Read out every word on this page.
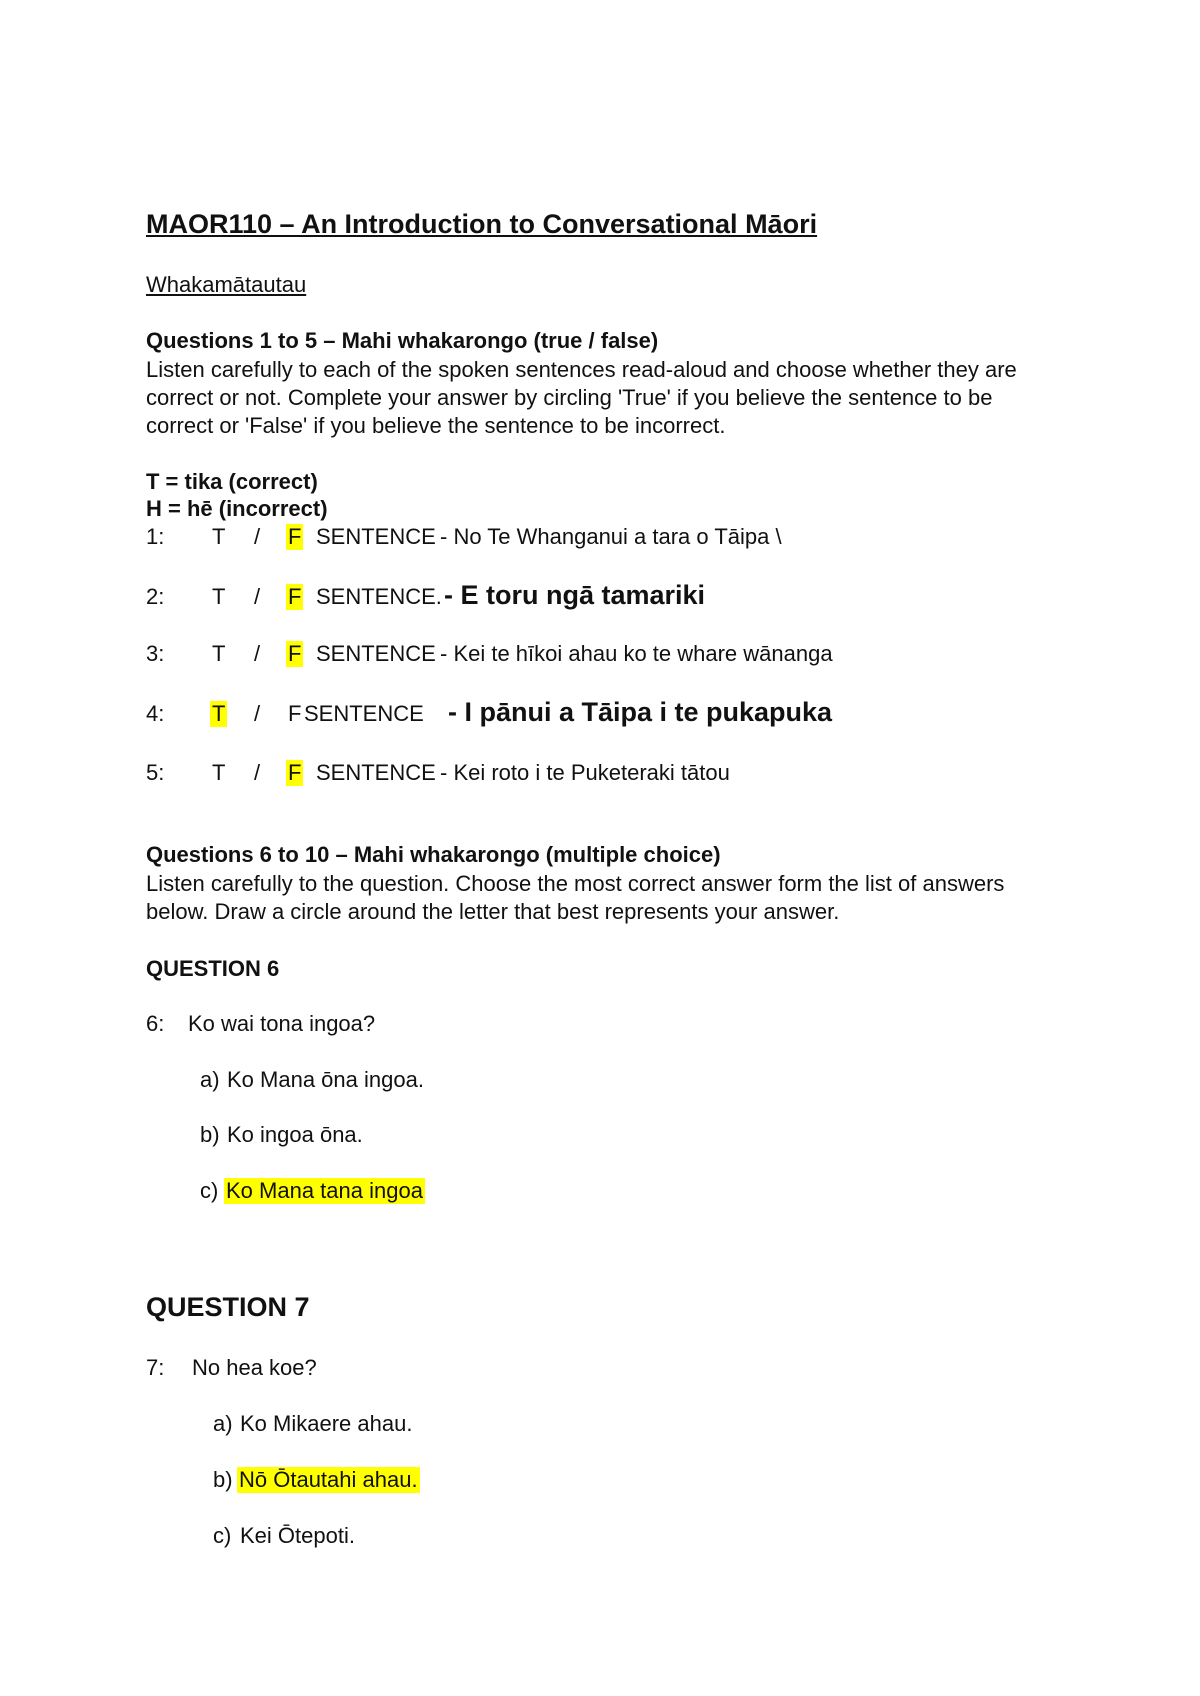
MAOR110 – An Introduction to Conversational Māori
Whakamātautau
Questions 1 to 5 – Mahi whakarongo (true / false)
Listen carefully to each of the spoken sentences read-aloud and choose whether they are correct or not. Complete your answer by circling 'True' if you believe the sentence to be correct or 'False' if you believe the sentence to be incorrect.
T = tika (correct)
H = hē (incorrect)
1: T / F SENTENCE - No Te Whanganui a tara o Tāipa \
2: T / F SENTENCE. - E toru ngā tamariki
3: T / F SENTENCE - Kei te hīkoi ahau ko te whare wānanga
4: T / F SENTENCE - I pānui a Tāipa i te pukapuka
5: T / F SENTENCE - Kei roto i te Puketeraki tātou
Questions 6 to 10 – Mahi whakarongo (multiple choice)
Listen carefully to the question. Choose the most correct answer form the list of answers below. Draw a circle around the letter that best represents your answer.
QUESTION 6
6: Ko wai tona ingoa?
a) Ko Mana ōna ingoa.
b) Ko ingoa ōna.
c) Ko Mana tana ingoa
QUESTION 7
7: No hea koe?
a) Ko Mikaere ahau.
b) Nō Ōtautahi ahau.
c) Kei Ōtepoti.
